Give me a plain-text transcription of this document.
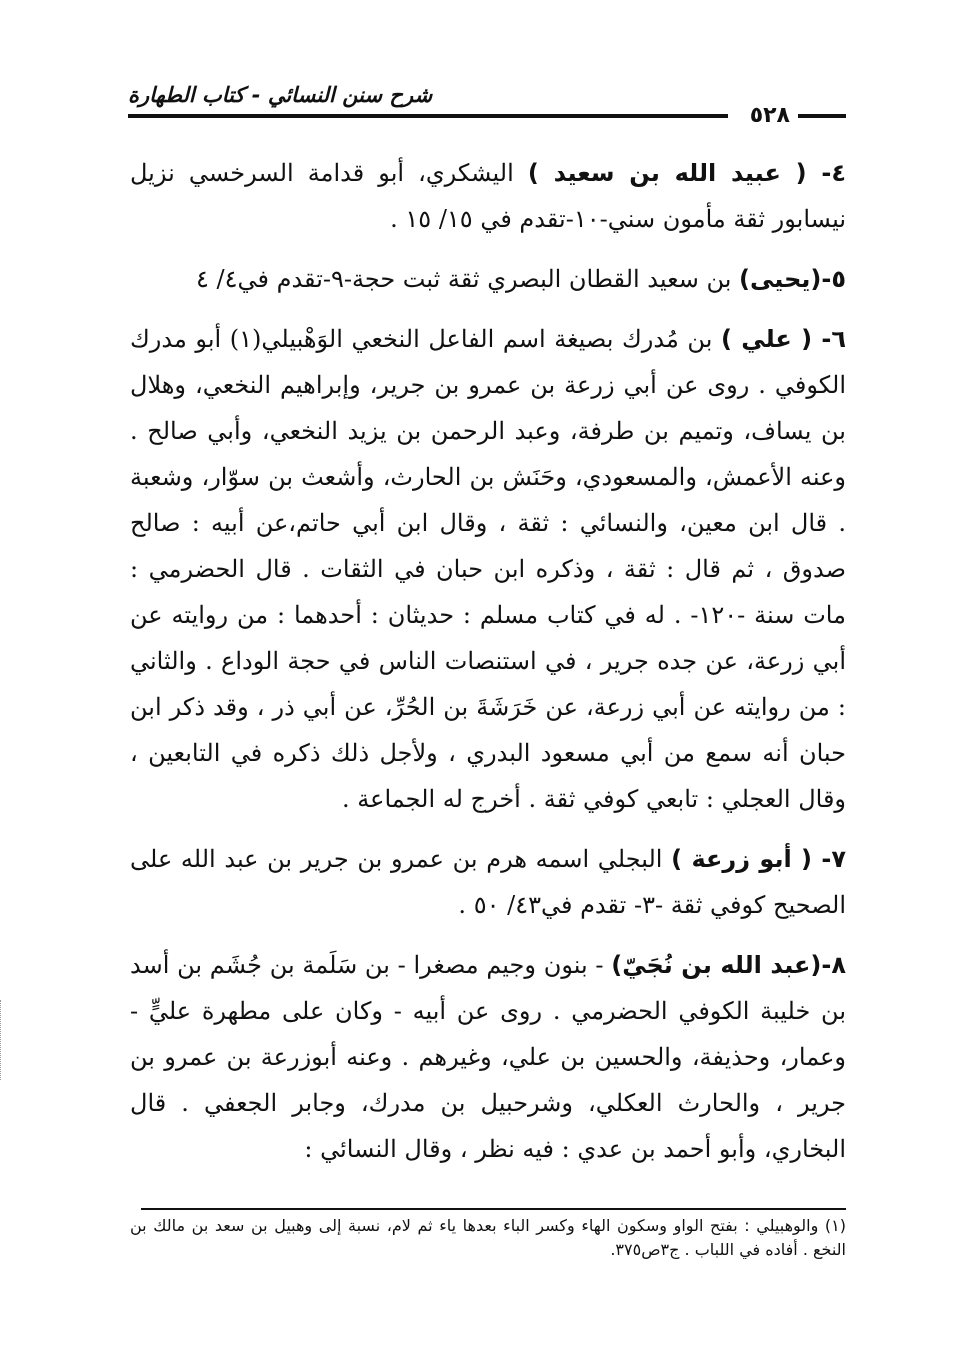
شرح سنن النسائي - كتاب الطهارة
٥٢٨

٤- ( عبيد الله بن سعيد ) اليشكري، أبو قدامة السرخسي نزيل نيسابور ثقة مأمون سني-١٠-تقدم في ١٥/ ١٥ .

٥-(يحيى) بن سعيد القطان البصري ثقة ثبت حجة-٩-تقدم في٤/ ٤

٦- ( علي ) بن مُدرك بصيغة اسم الفاعل النخعي الوَهْبيلي(١) أبو مدرك الكوفي . روى عن أبي زرعة بن عمرو بن جرير، وإبراهيم النخعي، وهلال بن يساف، وتميم بن طرفة، وعبد الرحمن بن يزيد النخعي، وأبي صالح . وعنه الأعمش، والمسعودي، وحَنَش بن الحارث، وأشعث بن سوّار، وشعبة . قال ابن معين، والنسائي : ثقة ، وقال ابن أبي حاتم،عن أبيه : صالح صدوق ، ثم قال : ثقة ، وذكره ابن حبان في الثقات . قال الحضرمي : مات سنة -١٢٠- . له في كتاب مسلم : حديثان : أحدهما : من روايته عن أبي زرعة، عن جده جرير ، في استنصات الناس في حجة الوداع . والثاني : من روايته عن أبي زرعة، عن خَرَشَةَ بن الحُرِّ، عن أبي ذر ، وقد ذكر ابن حبان أنه سمع من أبي مسعود البدري ، ولأجل ذلك ذكره في التابعين ، وقال العجلي : تابعي كوفي ثقة . أخرج له الجماعة .

٧- ( أبو زرعة ) البجلي اسمه هرم بن عمرو بن جرير بن عبد الله على الصحيح كوفي ثقة -٣- تقدم في٤٣/ ٥٠ .

٨-(عبد الله بن نُجَيّ) - بنون وجيم مصغرا - بن سَلَمة بن جُشَم بن أسد بن خليبة الكوفي الحضرمي . روى عن أبيه - وكان على مطهرة عليٍّ - وعمار، وحذيفة، والحسين بن علي، وغيرهم . وعنه أبوزرعة بن عمرو بن جرير ، والحارث العكلي، وشرحبيل بن مدرك، وجابر الجعفي . قال البخاري، وأبو أحمد بن عدي : فيه نظر ، وقال النسائي :

(١) والوهبيلي : بفتح الواو وسكون الهاء وكسر الباء بعدها ياء ثم لام، نسبة إلى وهبيل بن سعد بن مالك بن النخع . أفاده في اللباب . ج٣ص٣٧٥.
